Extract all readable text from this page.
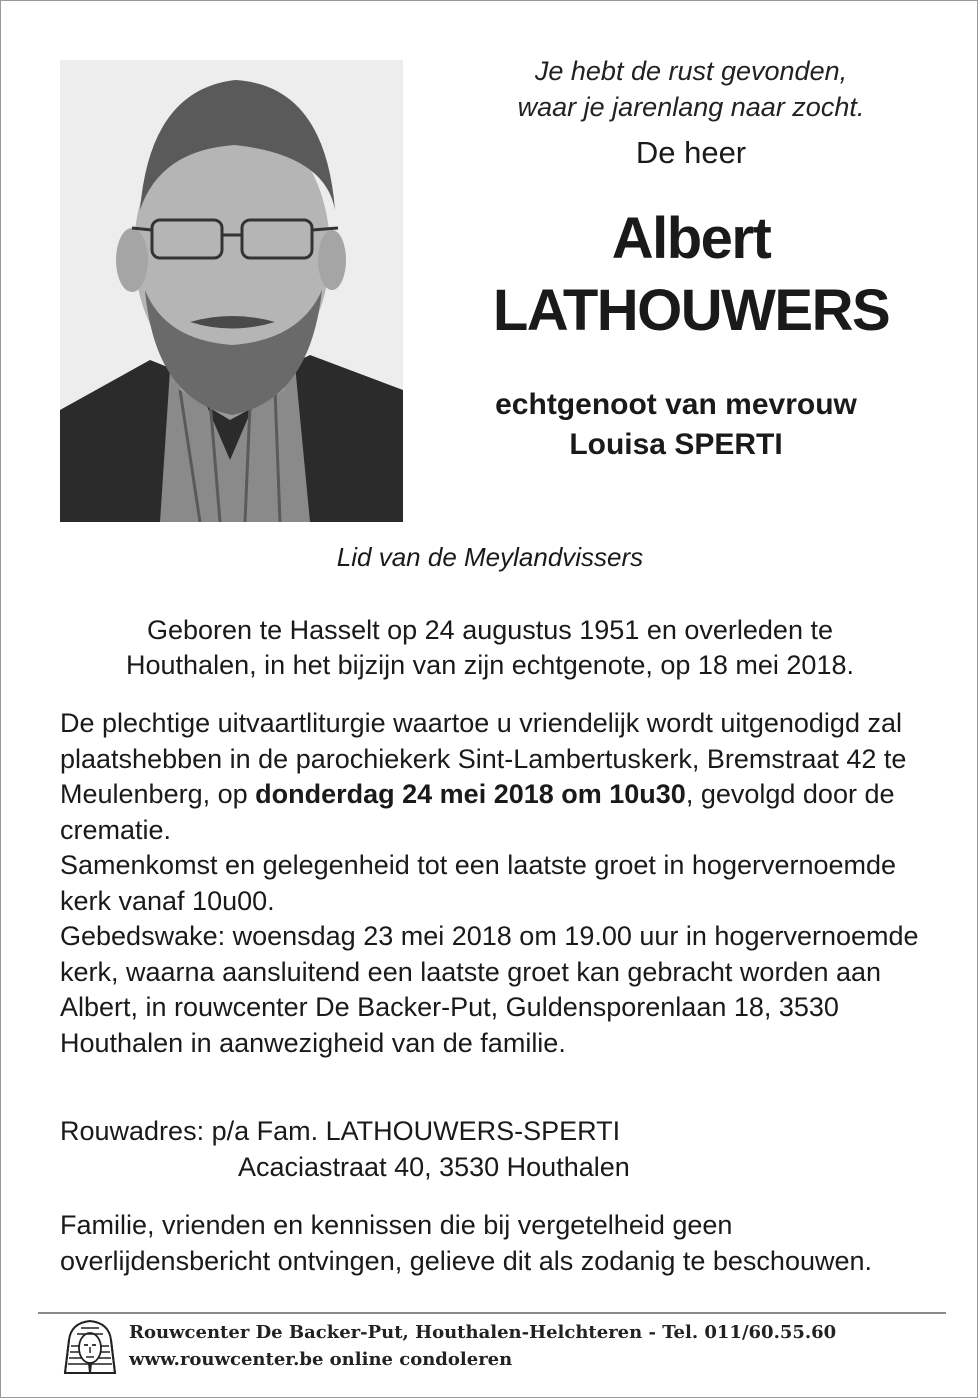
Je hebt de rust gevonden,
waar je jarenlang naar zocht.
De heer
Albert
LATHOUWERS
echtgenoot van mevrouw
Louisa SPERTI
Lid van de Meylandvissers
Geboren te Hasselt op 24 augustus 1951 en overleden te
Houthalen, in het bijzijn van zijn echtgenote, op 18 mei 2018.

De plechtige uitvaartliturgie waartoe u vriendelijk wordt uitgenodigd zal plaatshebben in de parochiekerk Sint-Lambertuskerk, Bremstraat 42 te Meulenberg, op donderdag 24 mei 2018 om 10u30, gevolgd door de crematie.

Samenkomst en gelegenheid tot een laatste groet in hogervernoemde kerk vanaf 10u00.

Gebedswake: woensdag 23 mei 2018 om 19.00 uur in hogervernoemde kerk, waarna aansluitend een laatste groet kan gebracht worden aan Albert, in rouwcenter De Backer-Put, Guldensporenlaan 18, 3530 Houthalen in aanwezigheid van de familie.

Rouwadres: p/a Fam. LATHOUWERS-SPERTI
Acaciastraat 40, 3530 Houthalen
Familie, vrienden en kennissen die bij vergetelheid geen overlijdensbericht ontvingen, gelieve dit als zodanig te beschouwen.
Rouwcenter De Backer-Put, Houthalen-Helchteren - Tel. 011/60.55.60
www.rouwcenter.be online condoleren
